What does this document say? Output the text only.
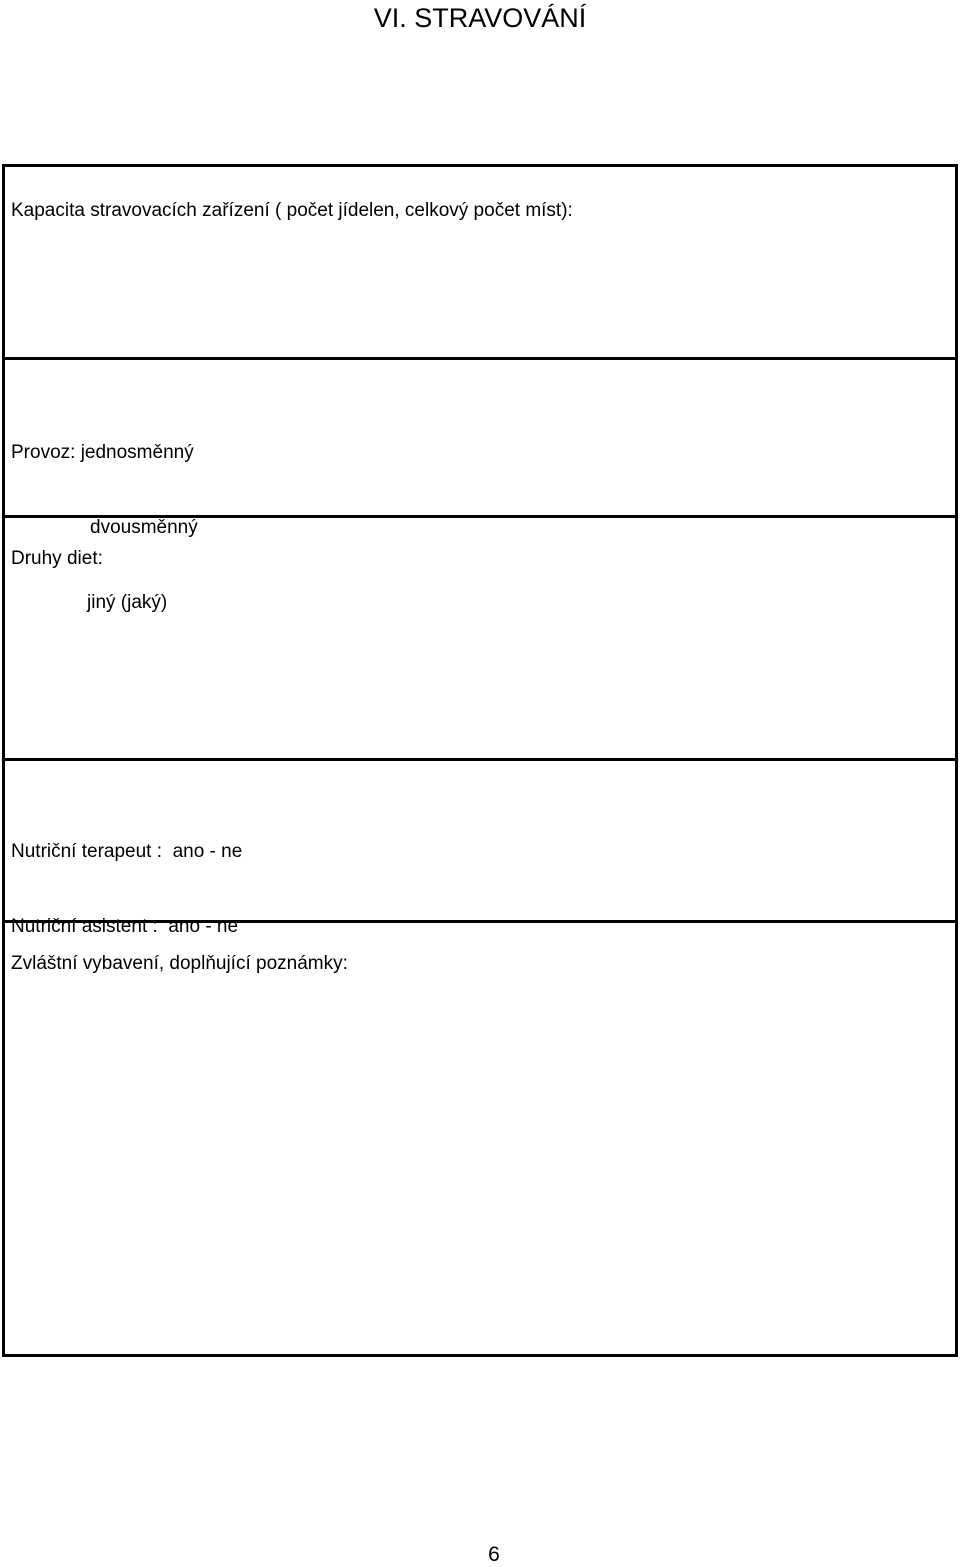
VI. STRAVOVÁNÍ
Kapacita stravovacích zařízení ( počet jídelen, celkový počet míst):

Provoz: jednosměnný

dvousměnný

jiný (jaký)

Druhy diet:

Nutriční terapeut :  ano - ne

Nutriční asistent :  ano - ne

Zvláštní vybavení, doplňující poznámky:
6
